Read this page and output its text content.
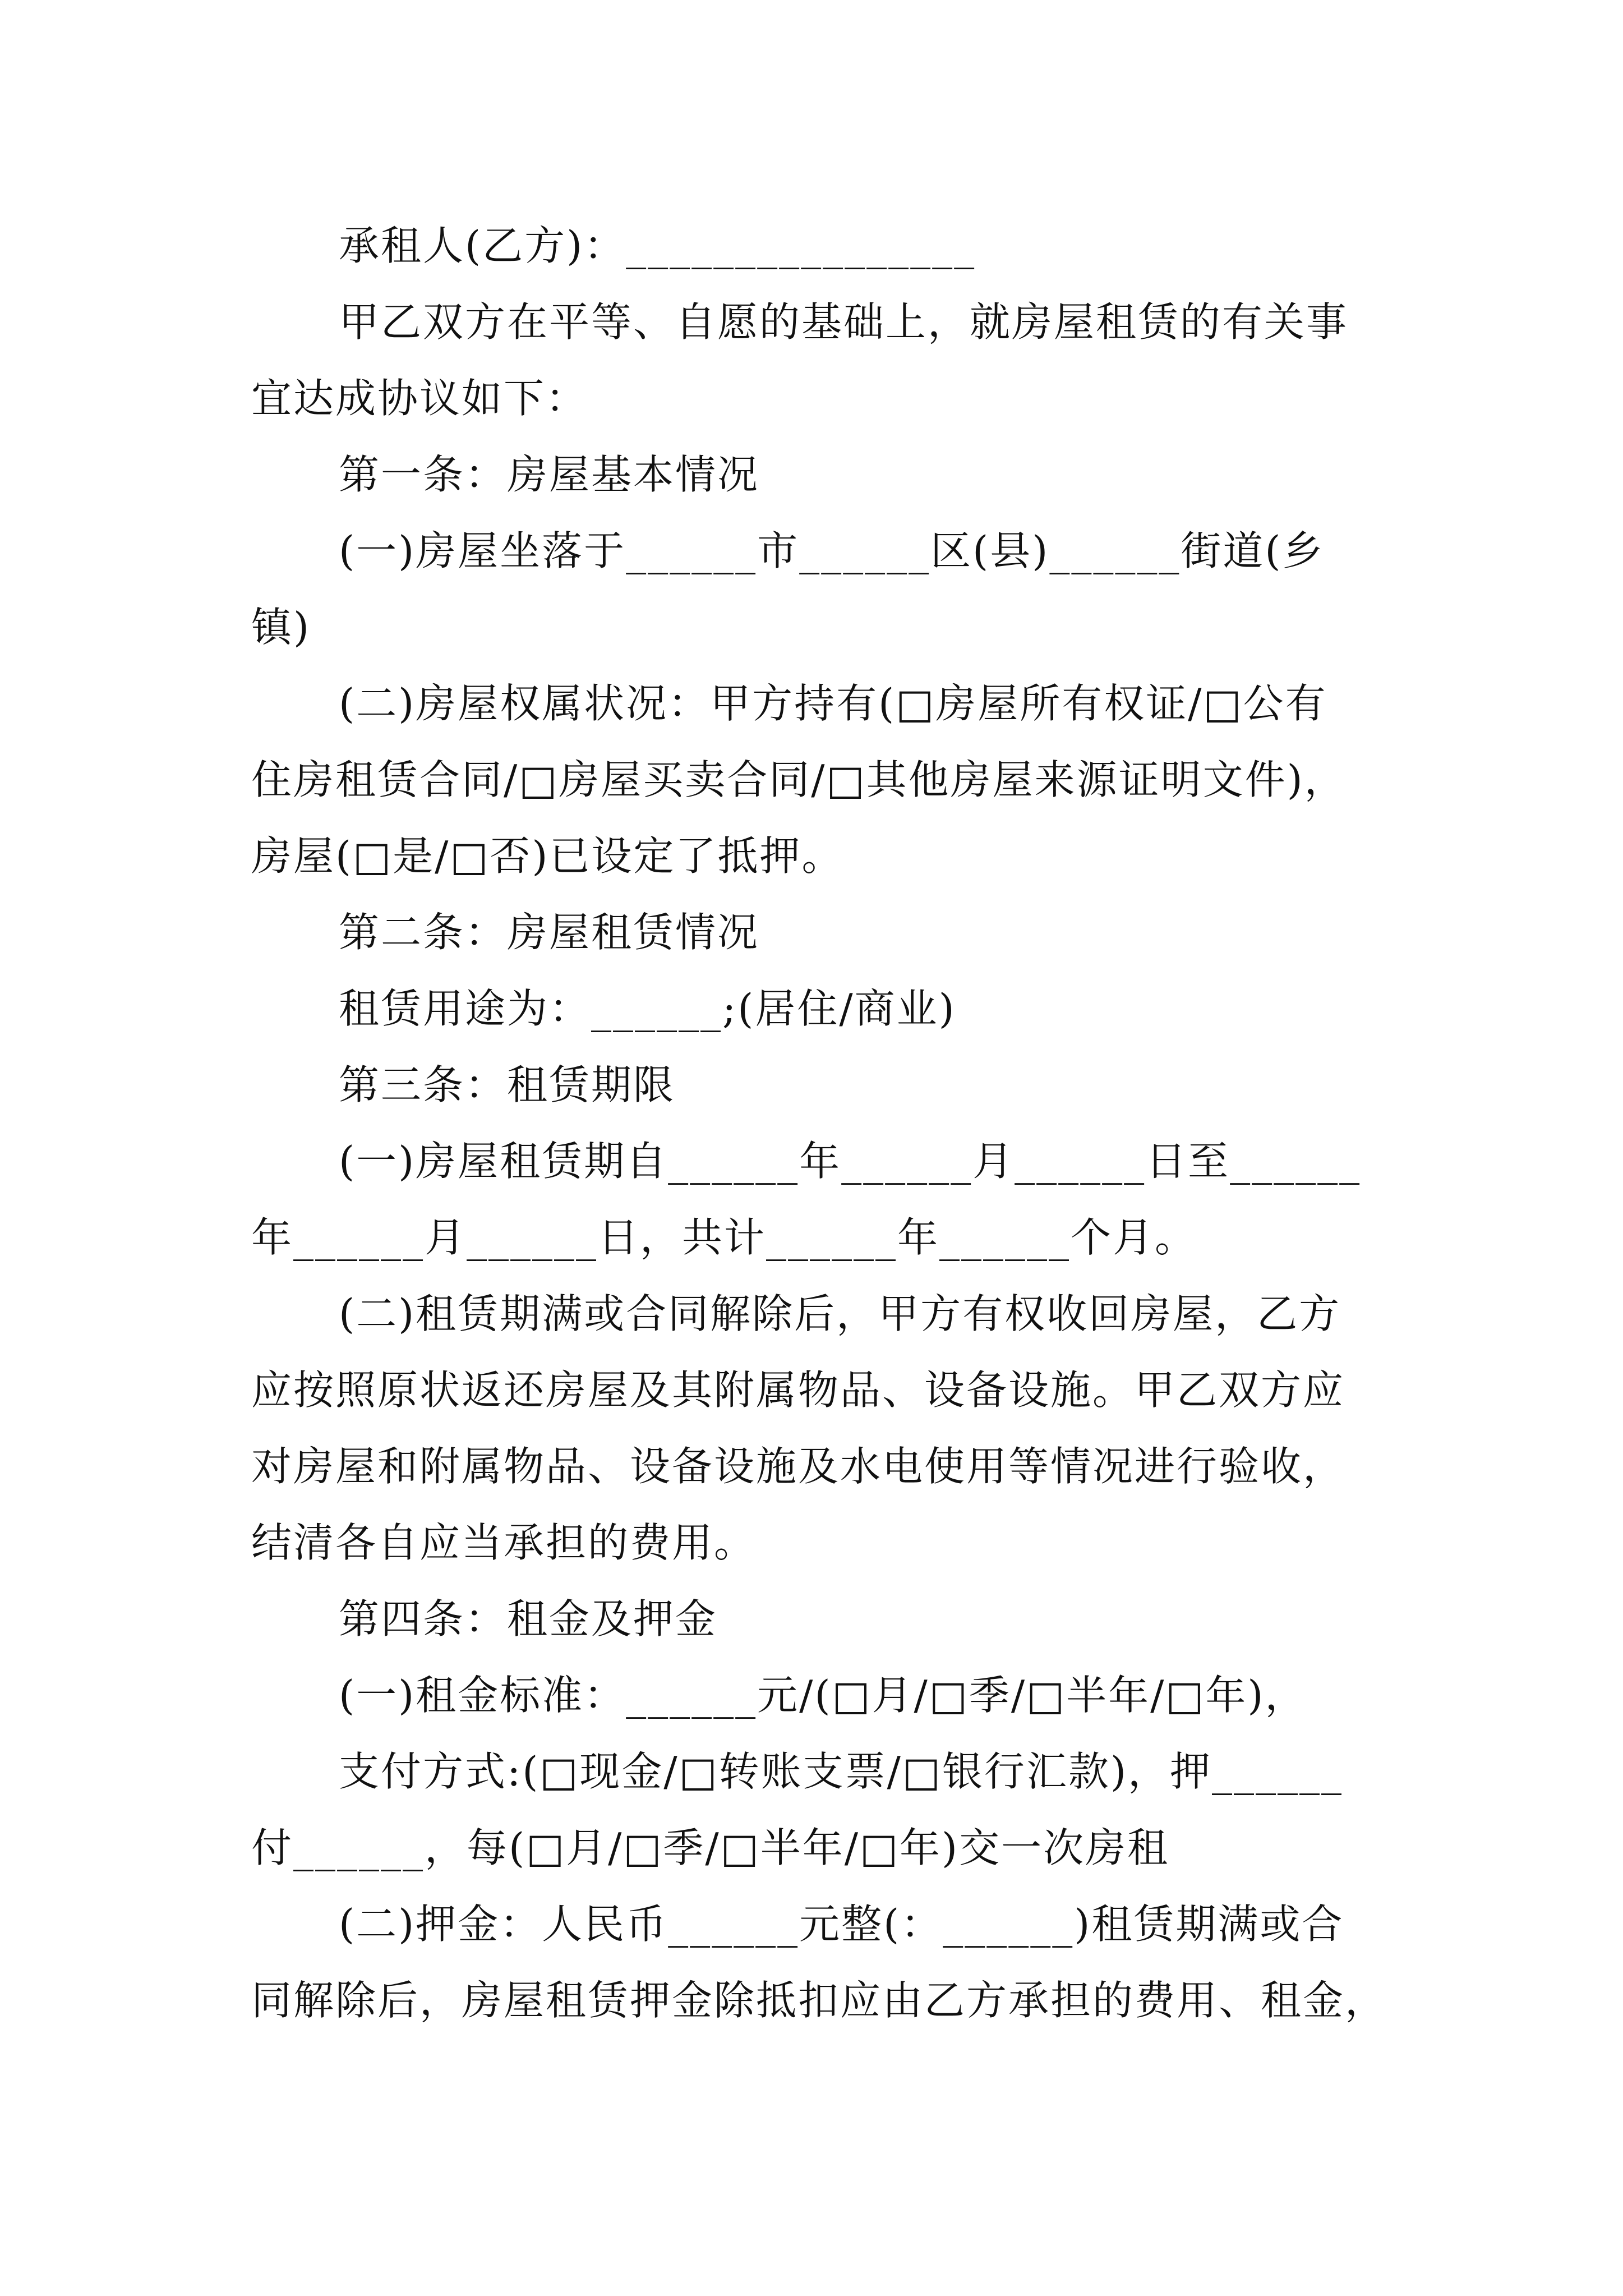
承租人(乙方)：________________
甲乙双方在平等、自愿的基础上，就房屋租赁的有关事
宜达成协议如下：
第一条：房屋基本情况
(一)房屋坐落于______市______区(县)______街道(乡
镇)
(二)房屋权属状况：甲方持有(□房屋所有权证/□公有
住房租赁合同/□房屋买卖合同/□其他房屋来源证明文件)，
房屋(□是/□否)已设定了抵押。
第二条：房屋租赁情况
租赁用途为：______;(居住/商业)
第三条：租赁期限
(一)房屋租赁期自______年______月______日至______
年______月______日，共计______年______个月。
(二)租赁期满或合同解除后，甲方有权收回房屋，乙方
应按照原状返还房屋及其附属物品、设备设施。甲乙双方应
对房屋和附属物品、设备设施及水电使用等情况进行验收，
结清各自应当承担的费用。
第四条：租金及押金
(一)租金标准：______元/(□月/□季/□半年/□年)，
支付方式:(□现金/□转账支票/□银行汇款)，押______
付______，每(□月/□季/□半年/□年)交一次房租
(二)押金：人民币______元整(：______)租赁期满或合
同解除后，房屋租赁押金除抵扣应由乙方承担的费用、租金，
